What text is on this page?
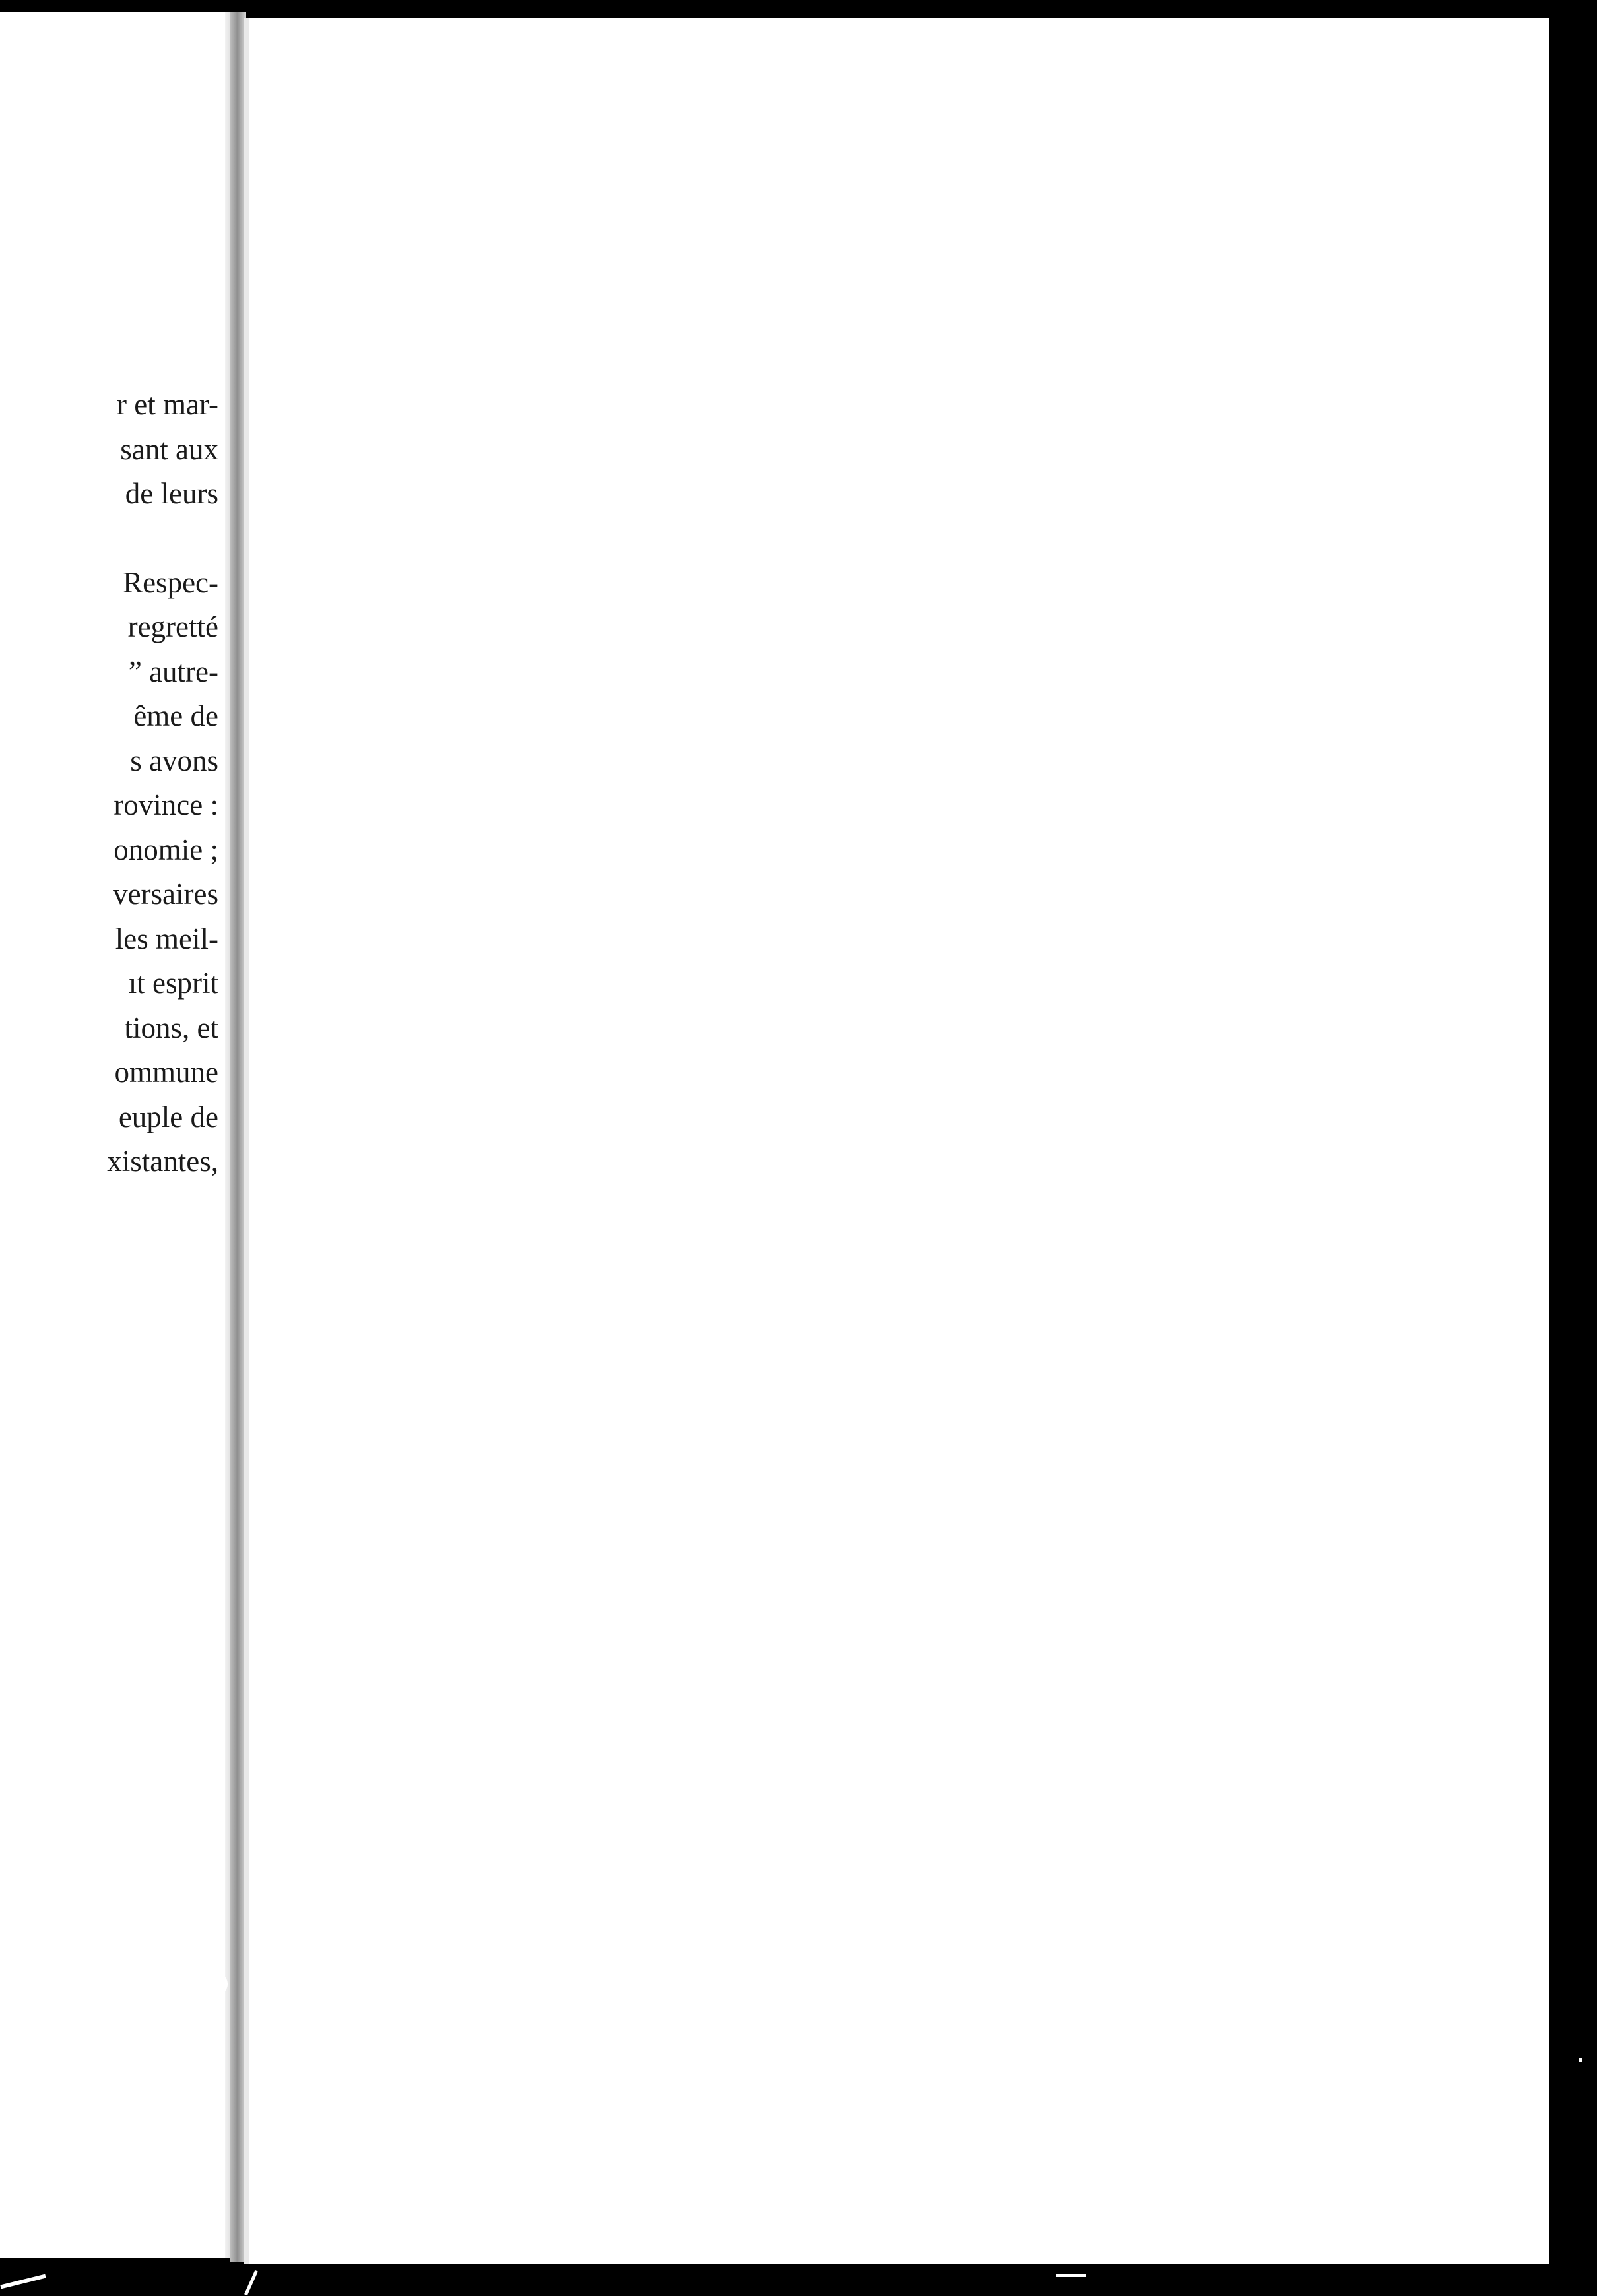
r et mar-
sant aux
de leurs
Respec-
regretté
” autre-
ême de
s avons
rovince :
onomie ;
versaires
les meil-
ıt esprit
tions, et
ommune
euple de
xistantes,
